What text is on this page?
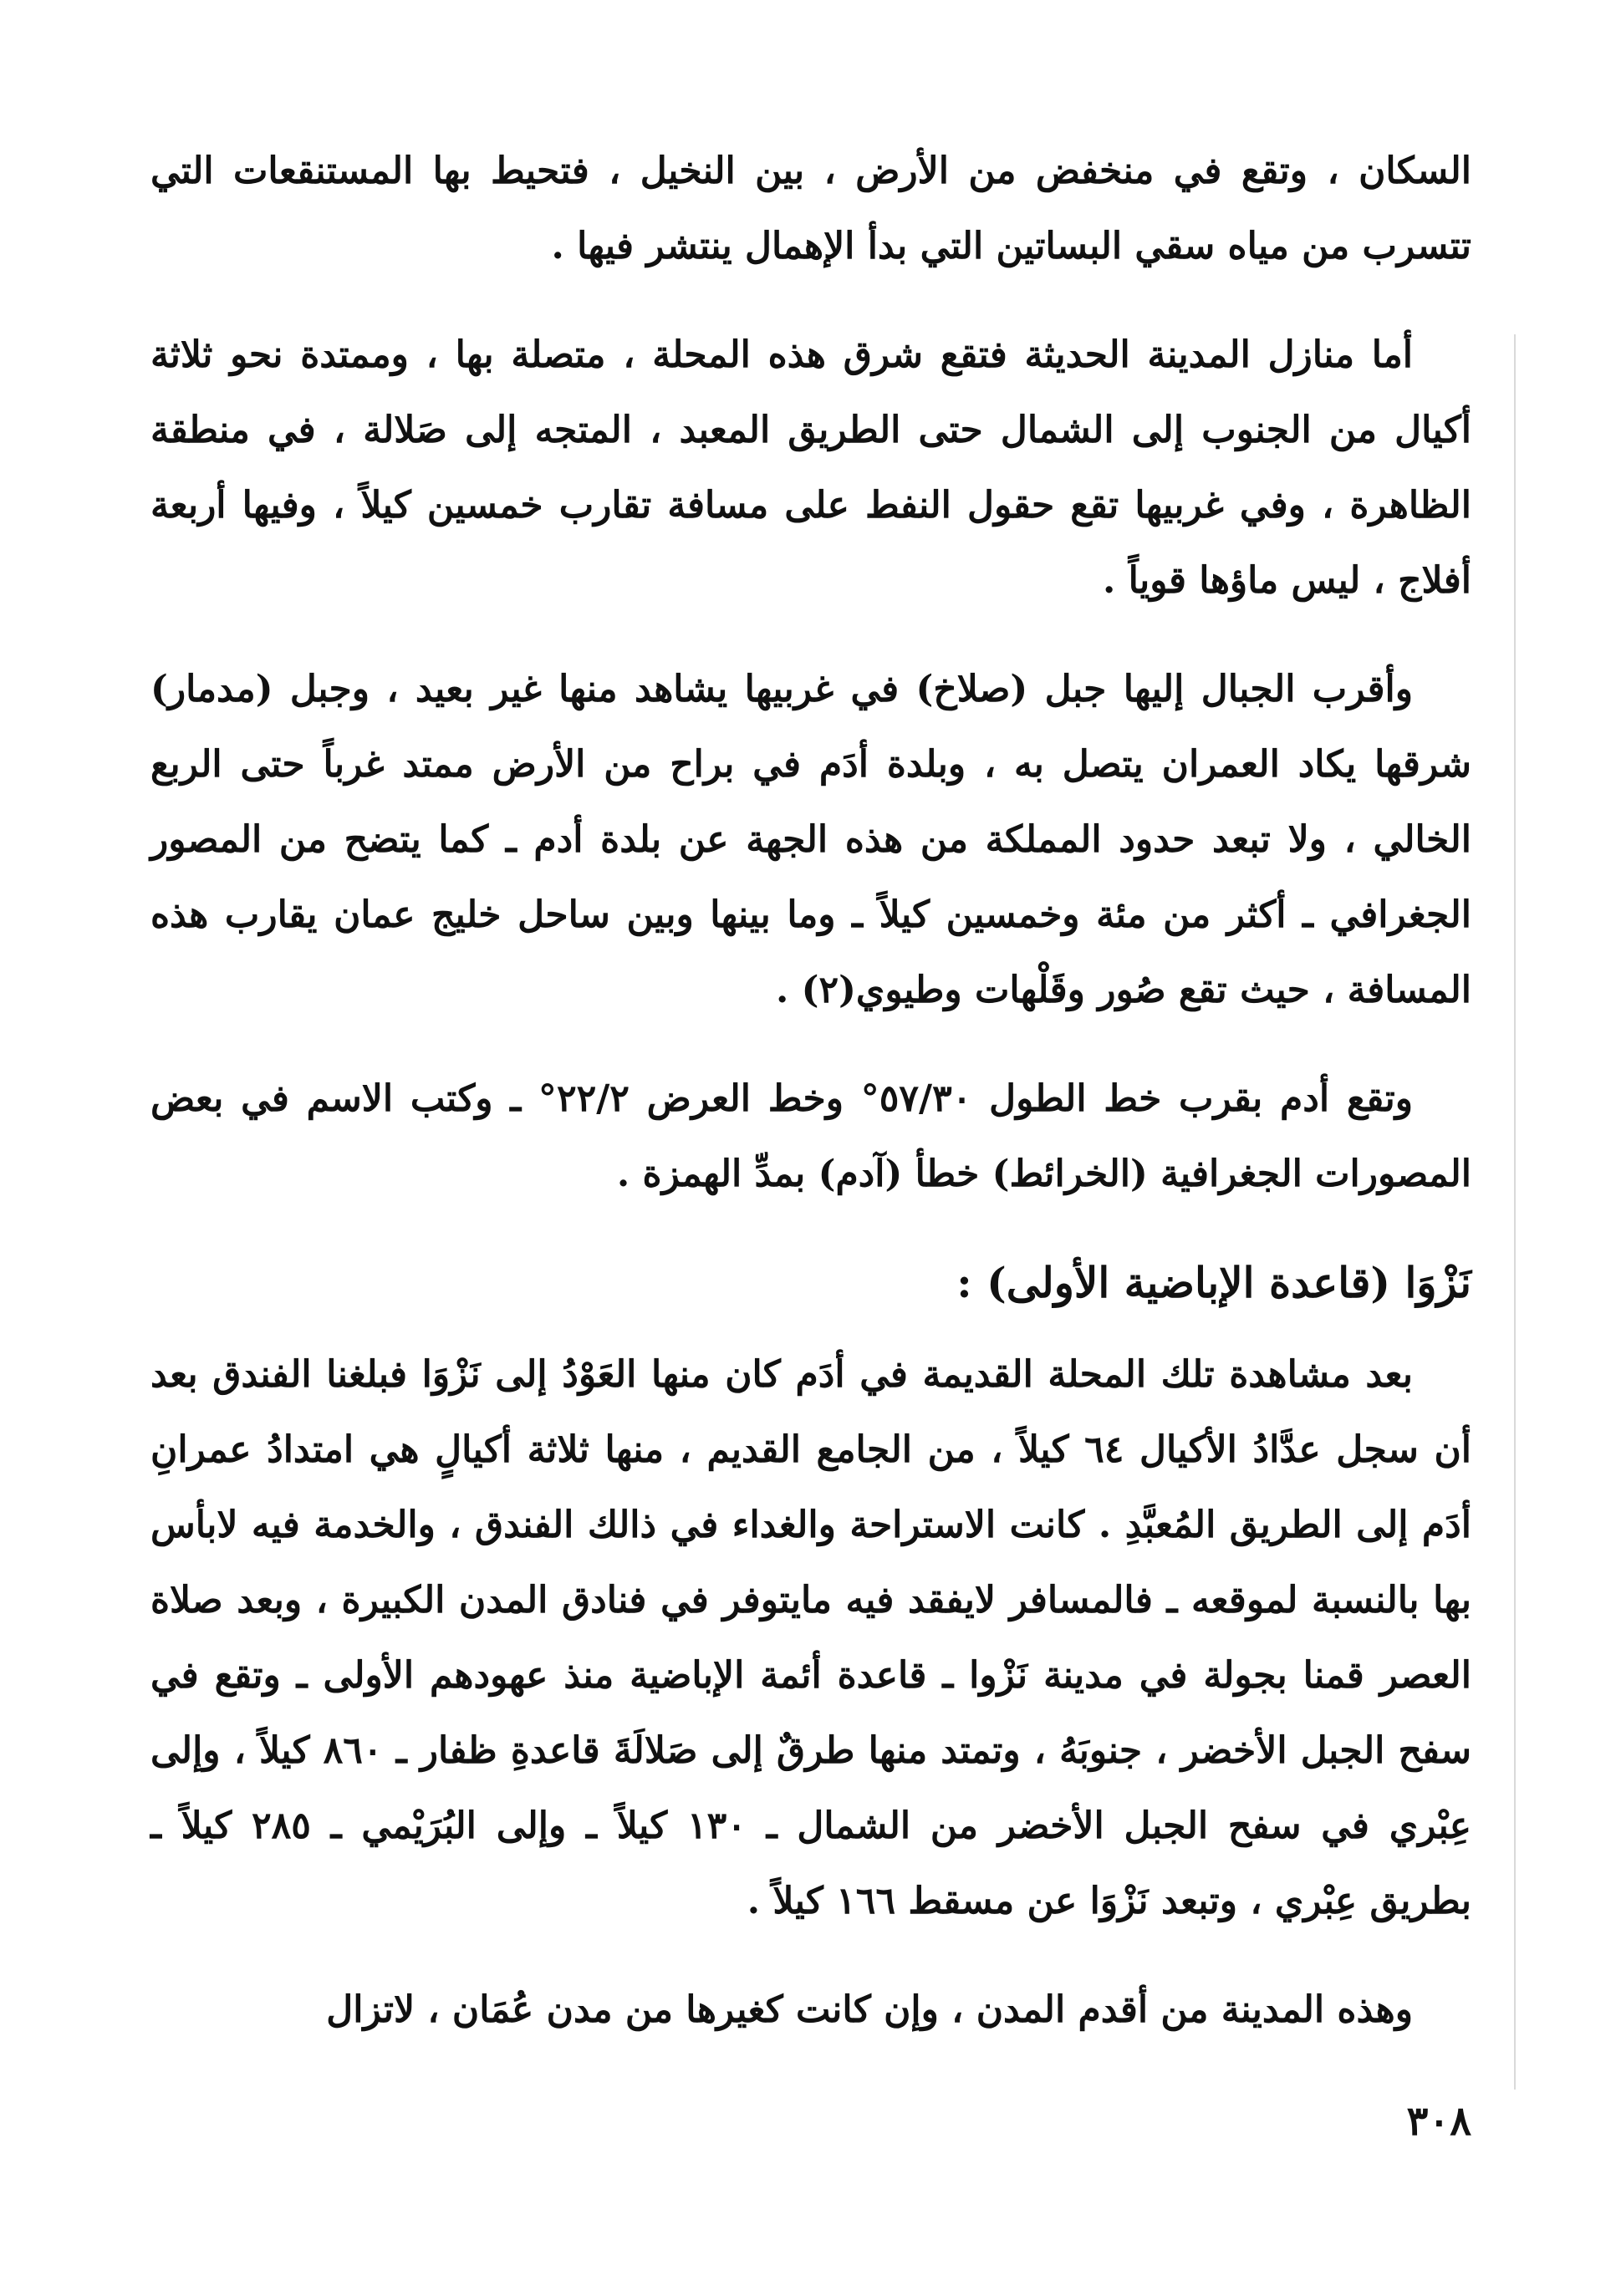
السكان ، وتقع في منخفض من الأرض ، بين النخيل ، فتحيط بها المستنقعات التي تتسرب من مياه سقي البساتين التي بدأ الإهمال ينتشر فيها .

أما منازل المدينة الحديثة فتقع شرق هذه المحلة ، متصلة بها ، وممتدة نحو ثلاثة أكيال من الجنوب إلى الشمال حتى الطريق المعبد ، المتجه إلى صَلالة ، في منطقة الظاهرة ، وفي غربيها تقع حقول النفط على مسافة تقارب خمسين كيلاً ، وفيها أربعة أفلاج ، ليس ماؤها قوياً .

وأقرب الجبال إليها جبل (صلاخ) في غربيها يشاهد منها غير بعيد ، وجبل (مدمار) شرقها يكاد العمران يتصل به ، وبلدة أدَم في براح من الأرض ممتد غرباً حتى الربع الخالي ، ولا تبعد حدود المملكة من هذه الجهة عن بلدة أدم ـ كما يتضح من المصور الجغرافي ـ أكثر من مئة وخمسين كيلاً ـ وما بينها وبين ساحل خليج عمان يقارب هذه المسافة ، حيث تقع صُور وقَلْهات وطيوي(٢) .

وتقع أدم بقرب خط الطول ٥٧/٣٠° وخط العرض ٢٢/٢° ـ وكتب الاسم في بعض المصورات الجغرافية (الخرائط) خطأ (آدم) بمدِّ الهمزة .

نَزْوَا (قاعدة الإباضية الأولى) :

بعد مشاهدة تلك المحلة القديمة في أدَم كان منها العَوْدُ إلى نَزْوَا فبلغنا الفندق بعد أن سجل عدَّادُ الأكيال ٦٤ كيلاً ، من الجامع القديم ، منها ثلاثة أكيالٍ هي امتدادُ عمرانِ أدَم إلى الطريق المُعبَّدِ . كانت الاستراحة والغداء في ذالك الفندق ، والخدمة فيه لابأس بها بالنسبة لموقعه ـ فالمسافر لايفقد فيه مايتوفر في فنادق المدن الكبيرة ، وبعد صلاة العصر قمنا بجولة في مدينة نَزْوا ـ قاعدة أئمة الإباضية منذ عهودهم الأولى ـ وتقع في سفح الجبل الأخضر ، جنوبَهُ ، وتمتد منها طرقٌ إلى صَلالَةَ قاعدةِ ظفار ـ ٨٦٠ كيلاً ، وإلى عِبْري في سفح الجبل الأخضر من الشمال ـ ١٣٠ كيلاً ـ وإلى البُرَيْمي ـ ٢٨٥ كيلاً ـ بطريق عِبْري ، وتبعد نَزْوَا عن مسقط ١٦٦ كيلاً .

وهذه المدينة من أقدم المدن ، وإن كانت كغيرها من مدن عُمَان ، لاتزال

٣٠٨
